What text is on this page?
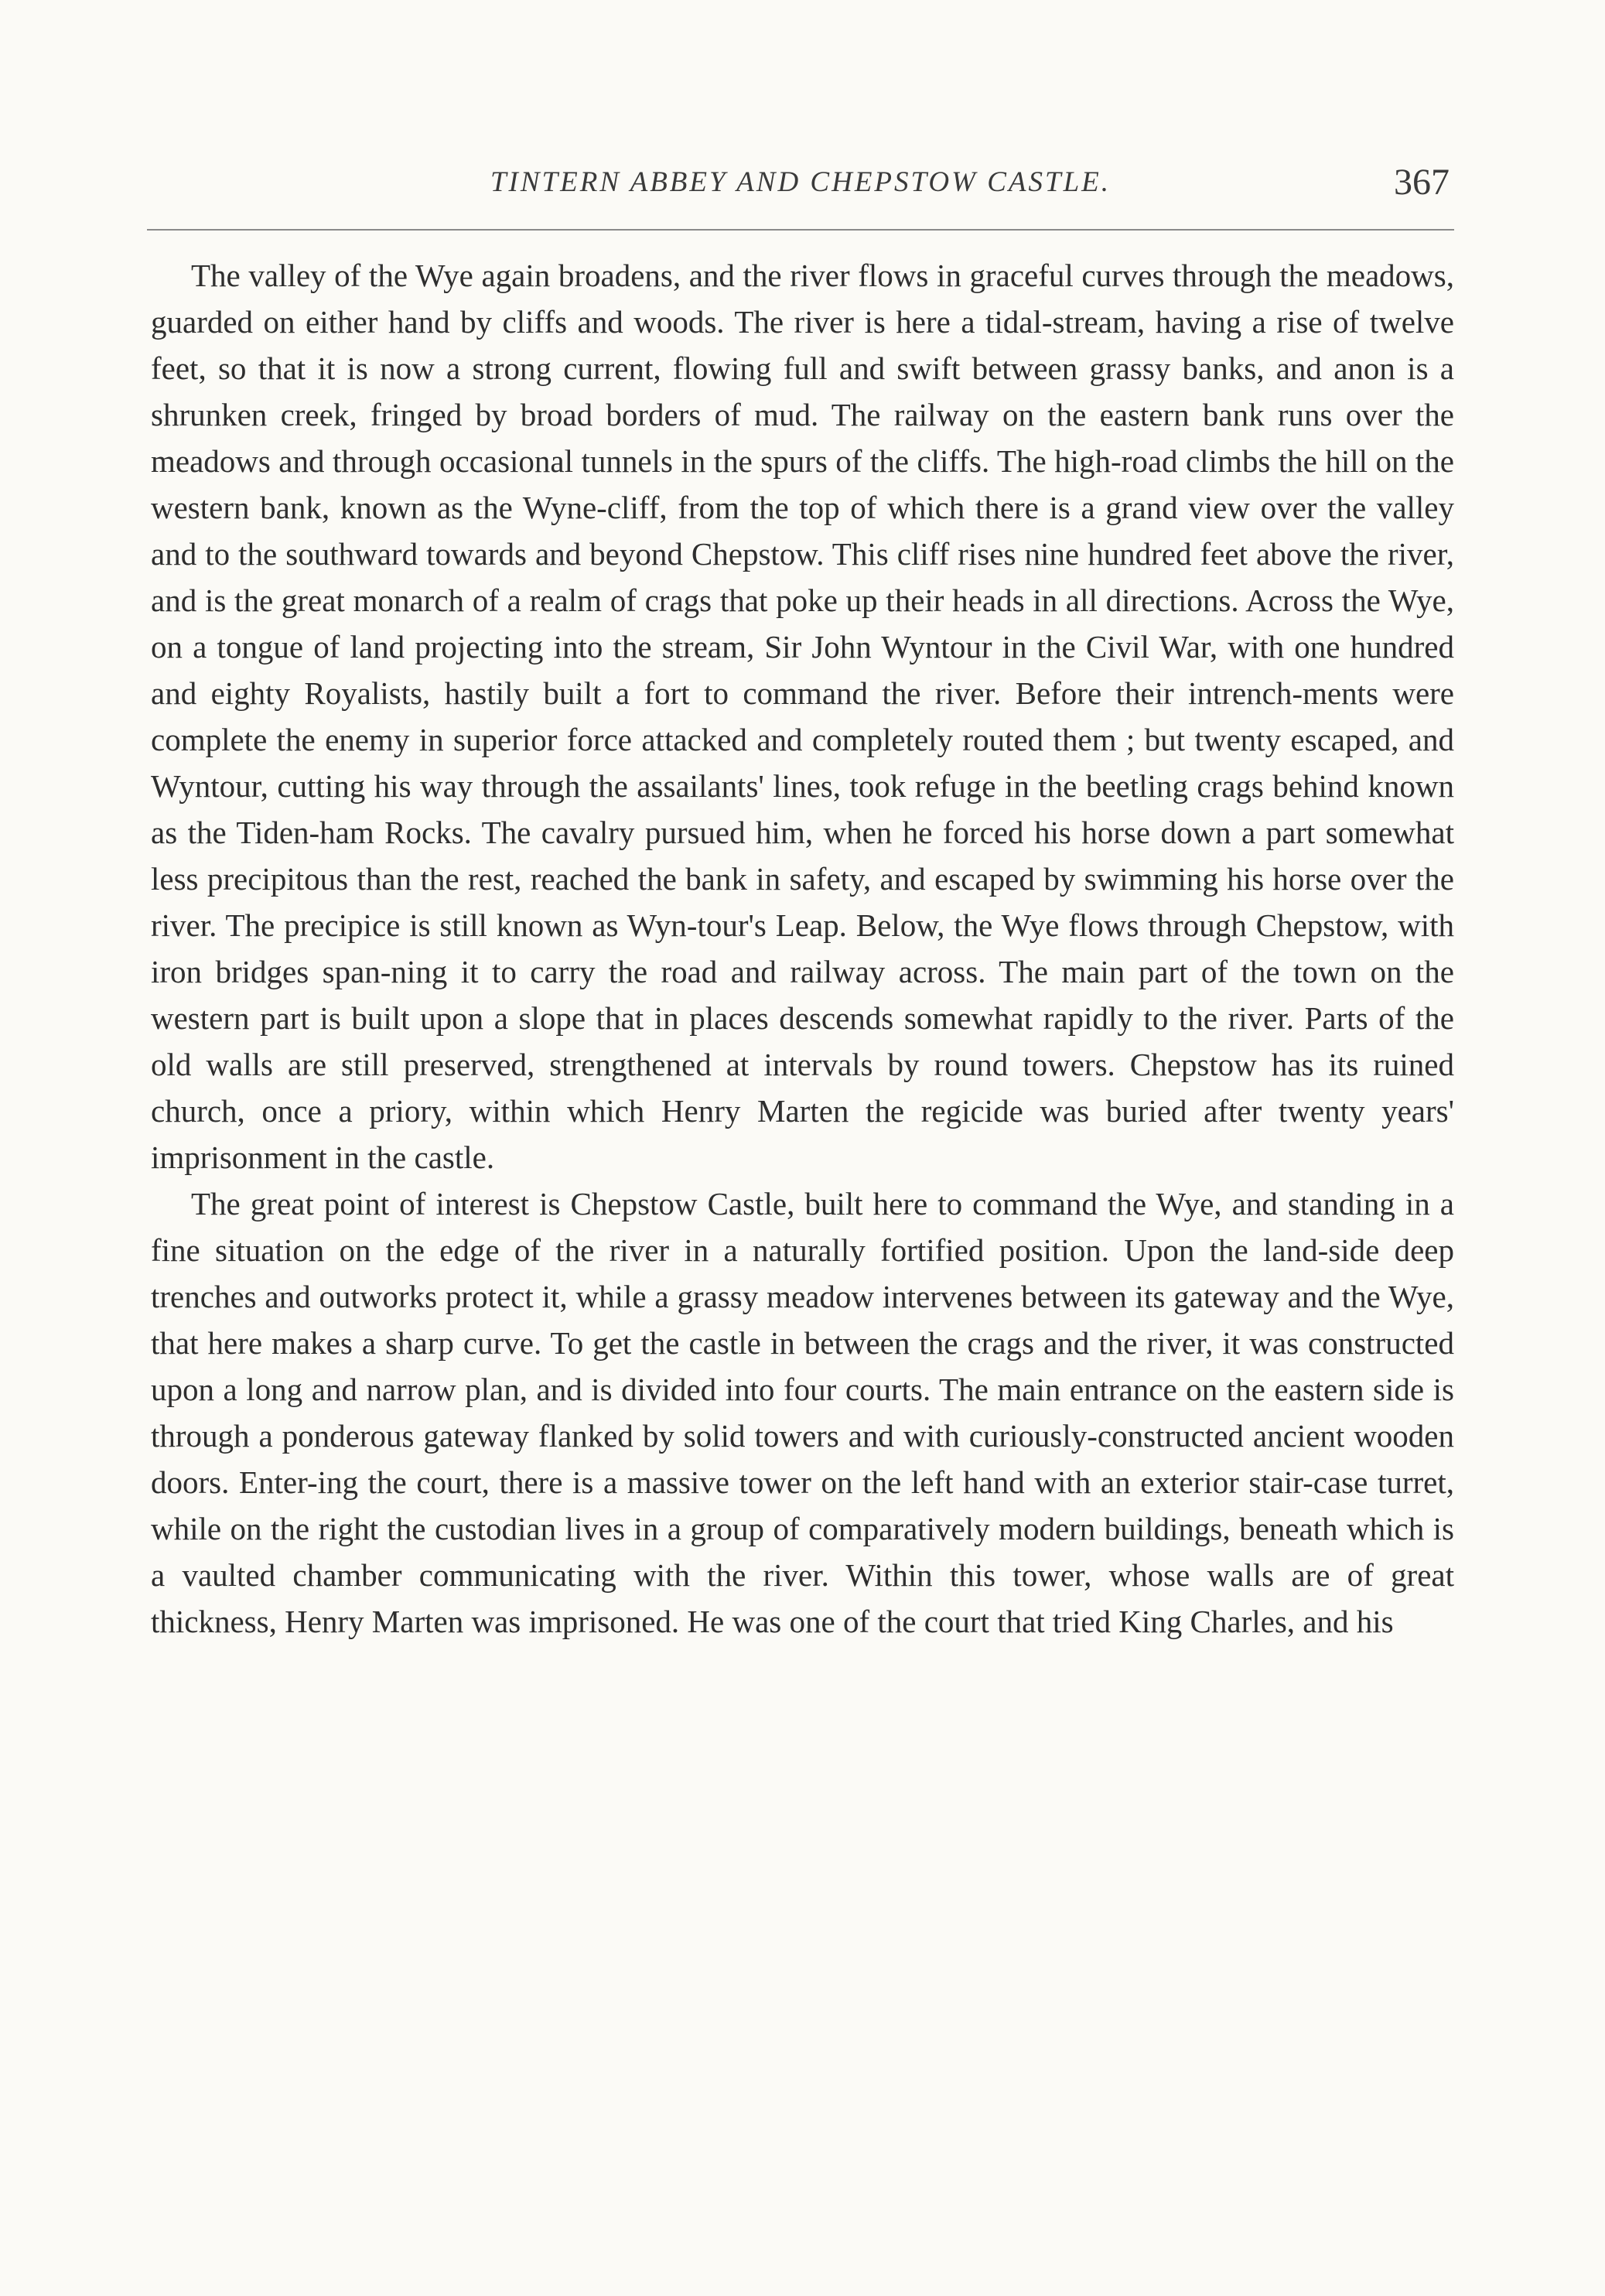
TINTERN ABBEY AND CHEPSTOW CASTLE.	367

The valley of the Wye again broadens, and the river flows in graceful curves through the meadows, guarded on either hand by cliffs and woods. The river is here a tidal-stream, having a rise of twelve feet, so that it is now a strong current, flowing full and swift between grassy banks, and anon is a shrunken creek, fringed by broad borders of mud. The railway on the eastern bank runs over the meadows and through occasional tunnels in the spurs of the cliffs. The high-road climbs the hill on the western bank, known as the Wyne-cliff, from the top of which there is a grand view over the valley and to the southward towards and beyond Chepstow. This cliff rises nine hundred feet above the river, and is the great monarch of a realm of crags that poke up their heads in all directions. Across the Wye, on a tongue of land projecting into the stream, Sir John Wyntour in the Civil War, with one hundred and eighty Royalists, hastily built a fort to command the river. Before their intrench-ments were complete the enemy in superior force attacked and completely routed them ; but twenty escaped, and Wyntour, cutting his way through the assailants' lines, took refuge in the beetling crags behind known as the Tiden-ham Rocks. The cavalry pursued him, when he forced his horse down a part somewhat less precipitous than the rest, reached the bank in safety, and escaped by swimming his horse over the river. The precipice is still known as Wyn-tour's Leap. Below, the Wye flows through Chepstow, with iron bridges span-ning it to carry the road and railway across. The main part of the town on the western part is built upon a slope that in places descends somewhat rapidly to the river. Parts of the old walls are still preserved, strengthened at intervals by round towers. Chepstow has its ruined church, once a priory, within which Henry Marten the regicide was buried after twenty years' imprisonment in the castle.

The great point of interest is Chepstow Castle, built here to command the Wye, and standing in a fine situation on the edge of the river in a naturally fortified position. Upon the land-side deep trenches and outworks protect it, while a grassy meadow intervenes between its gateway and the Wye, that here makes a sharp curve. To get the castle in between the crags and the river, it was constructed upon a long and narrow plan, and is divided into four courts. The main entrance on the eastern side is through a ponderous gateway flanked by solid towers and with curiously-constructed ancient wooden doors. Enter-ing the court, there is a massive tower on the left hand with an exterior stair-case turret, while on the right the custodian lives in a group of comparatively modern buildings, beneath which is a vaulted chamber communicating with the river. Within this tower, whose walls are of great thickness, Henry Marten was imprisoned. He was one of the court that tried King Charles, and his
